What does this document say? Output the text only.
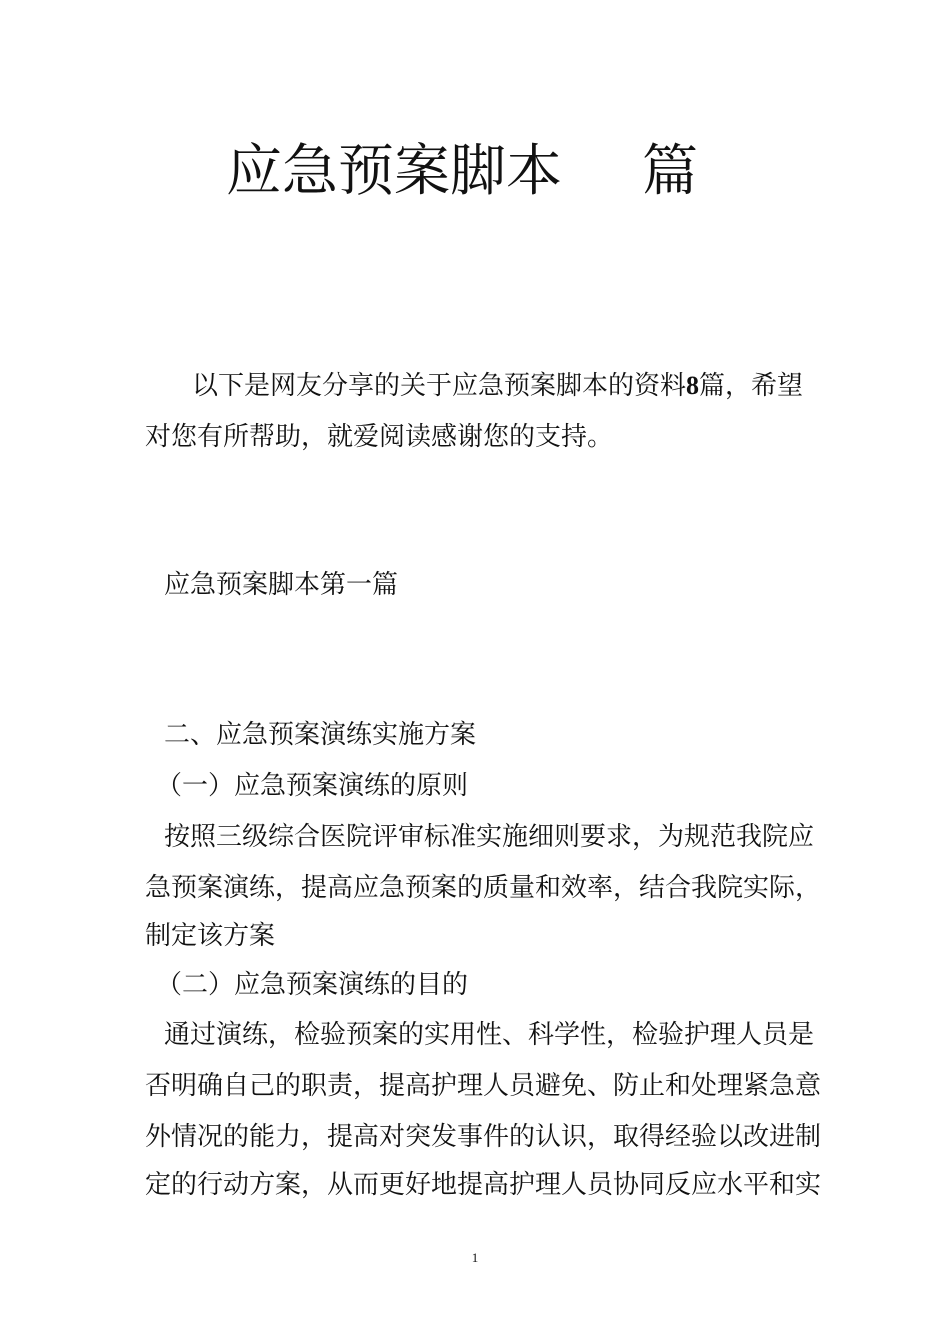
应急预案脚本 篇
以下是网友分享的关于应急预案脚本的资料8篇，希望
对您有所帮助，就爱阅读感谢您的支持。
应急预案脚本第一篇
二、应急预案演练实施方案
（一）应急预案演练的原则
按照三级综合医院评审标准实施细则要求，为规范我院应
急预案演练，提高应急预案的质量和效率，结合我院实际，
制定该方案
（二）应急预案演练的目的
通过演练，检验预案的实用性、科学性，检验护理人员是
否明确自己的职责，提高护理人员避免、防止和处理紧急意
外情况的能力，提高对突发事件的认识，取得经验以改进制
定的行动方案，从而更好地提高护理人员协同反应水平和实
1
